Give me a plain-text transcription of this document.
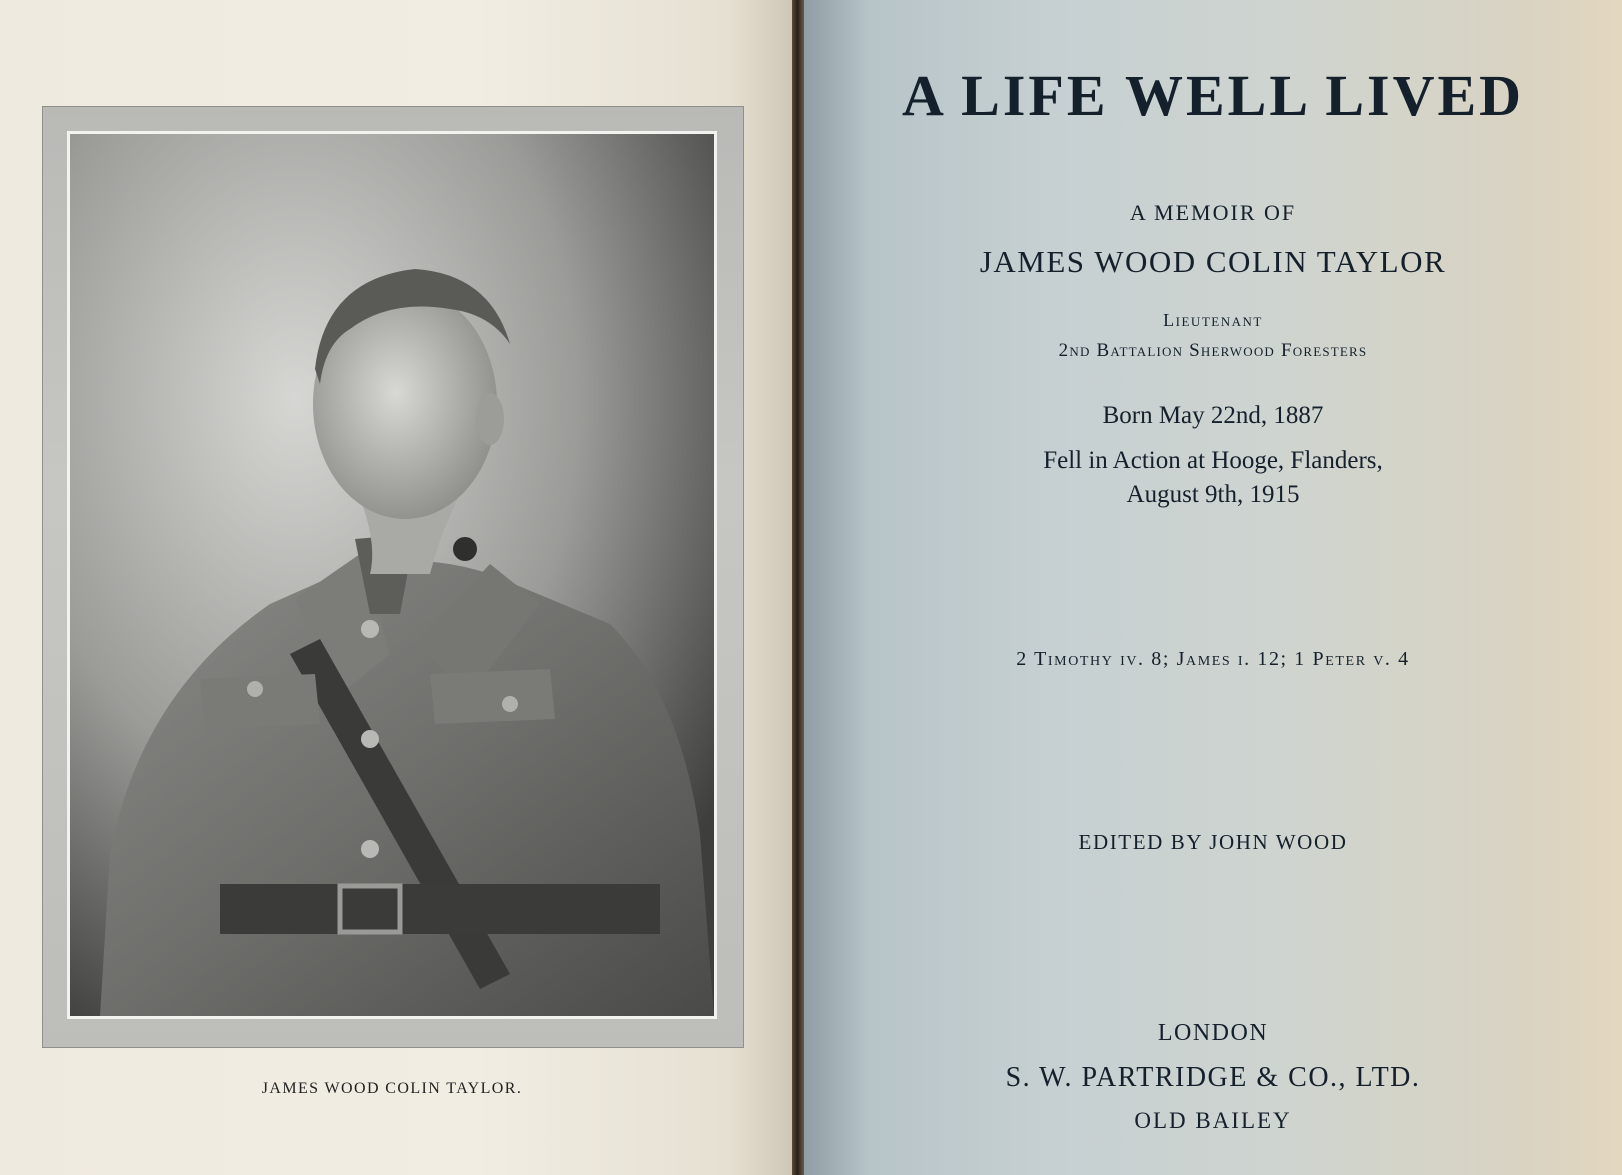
JAMES WOOD COLIN TAYLOR.
A LIFE WELL LIVED
A MEMOIR OF
JAMES WOOD COLIN TAYLOR
Lieutenant
2nd Battalion Sherwood Foresters
Born May 22nd, 1887
Fell in Action at Hooge, Flanders,
August 9th, 1915
2 Timothy iv. 8; James i. 12; 1 Peter v. 4
EDITED BY JOHN WOOD
LONDON
S. W. PARTRIDGE & CO., LTD.
OLD BAILEY
